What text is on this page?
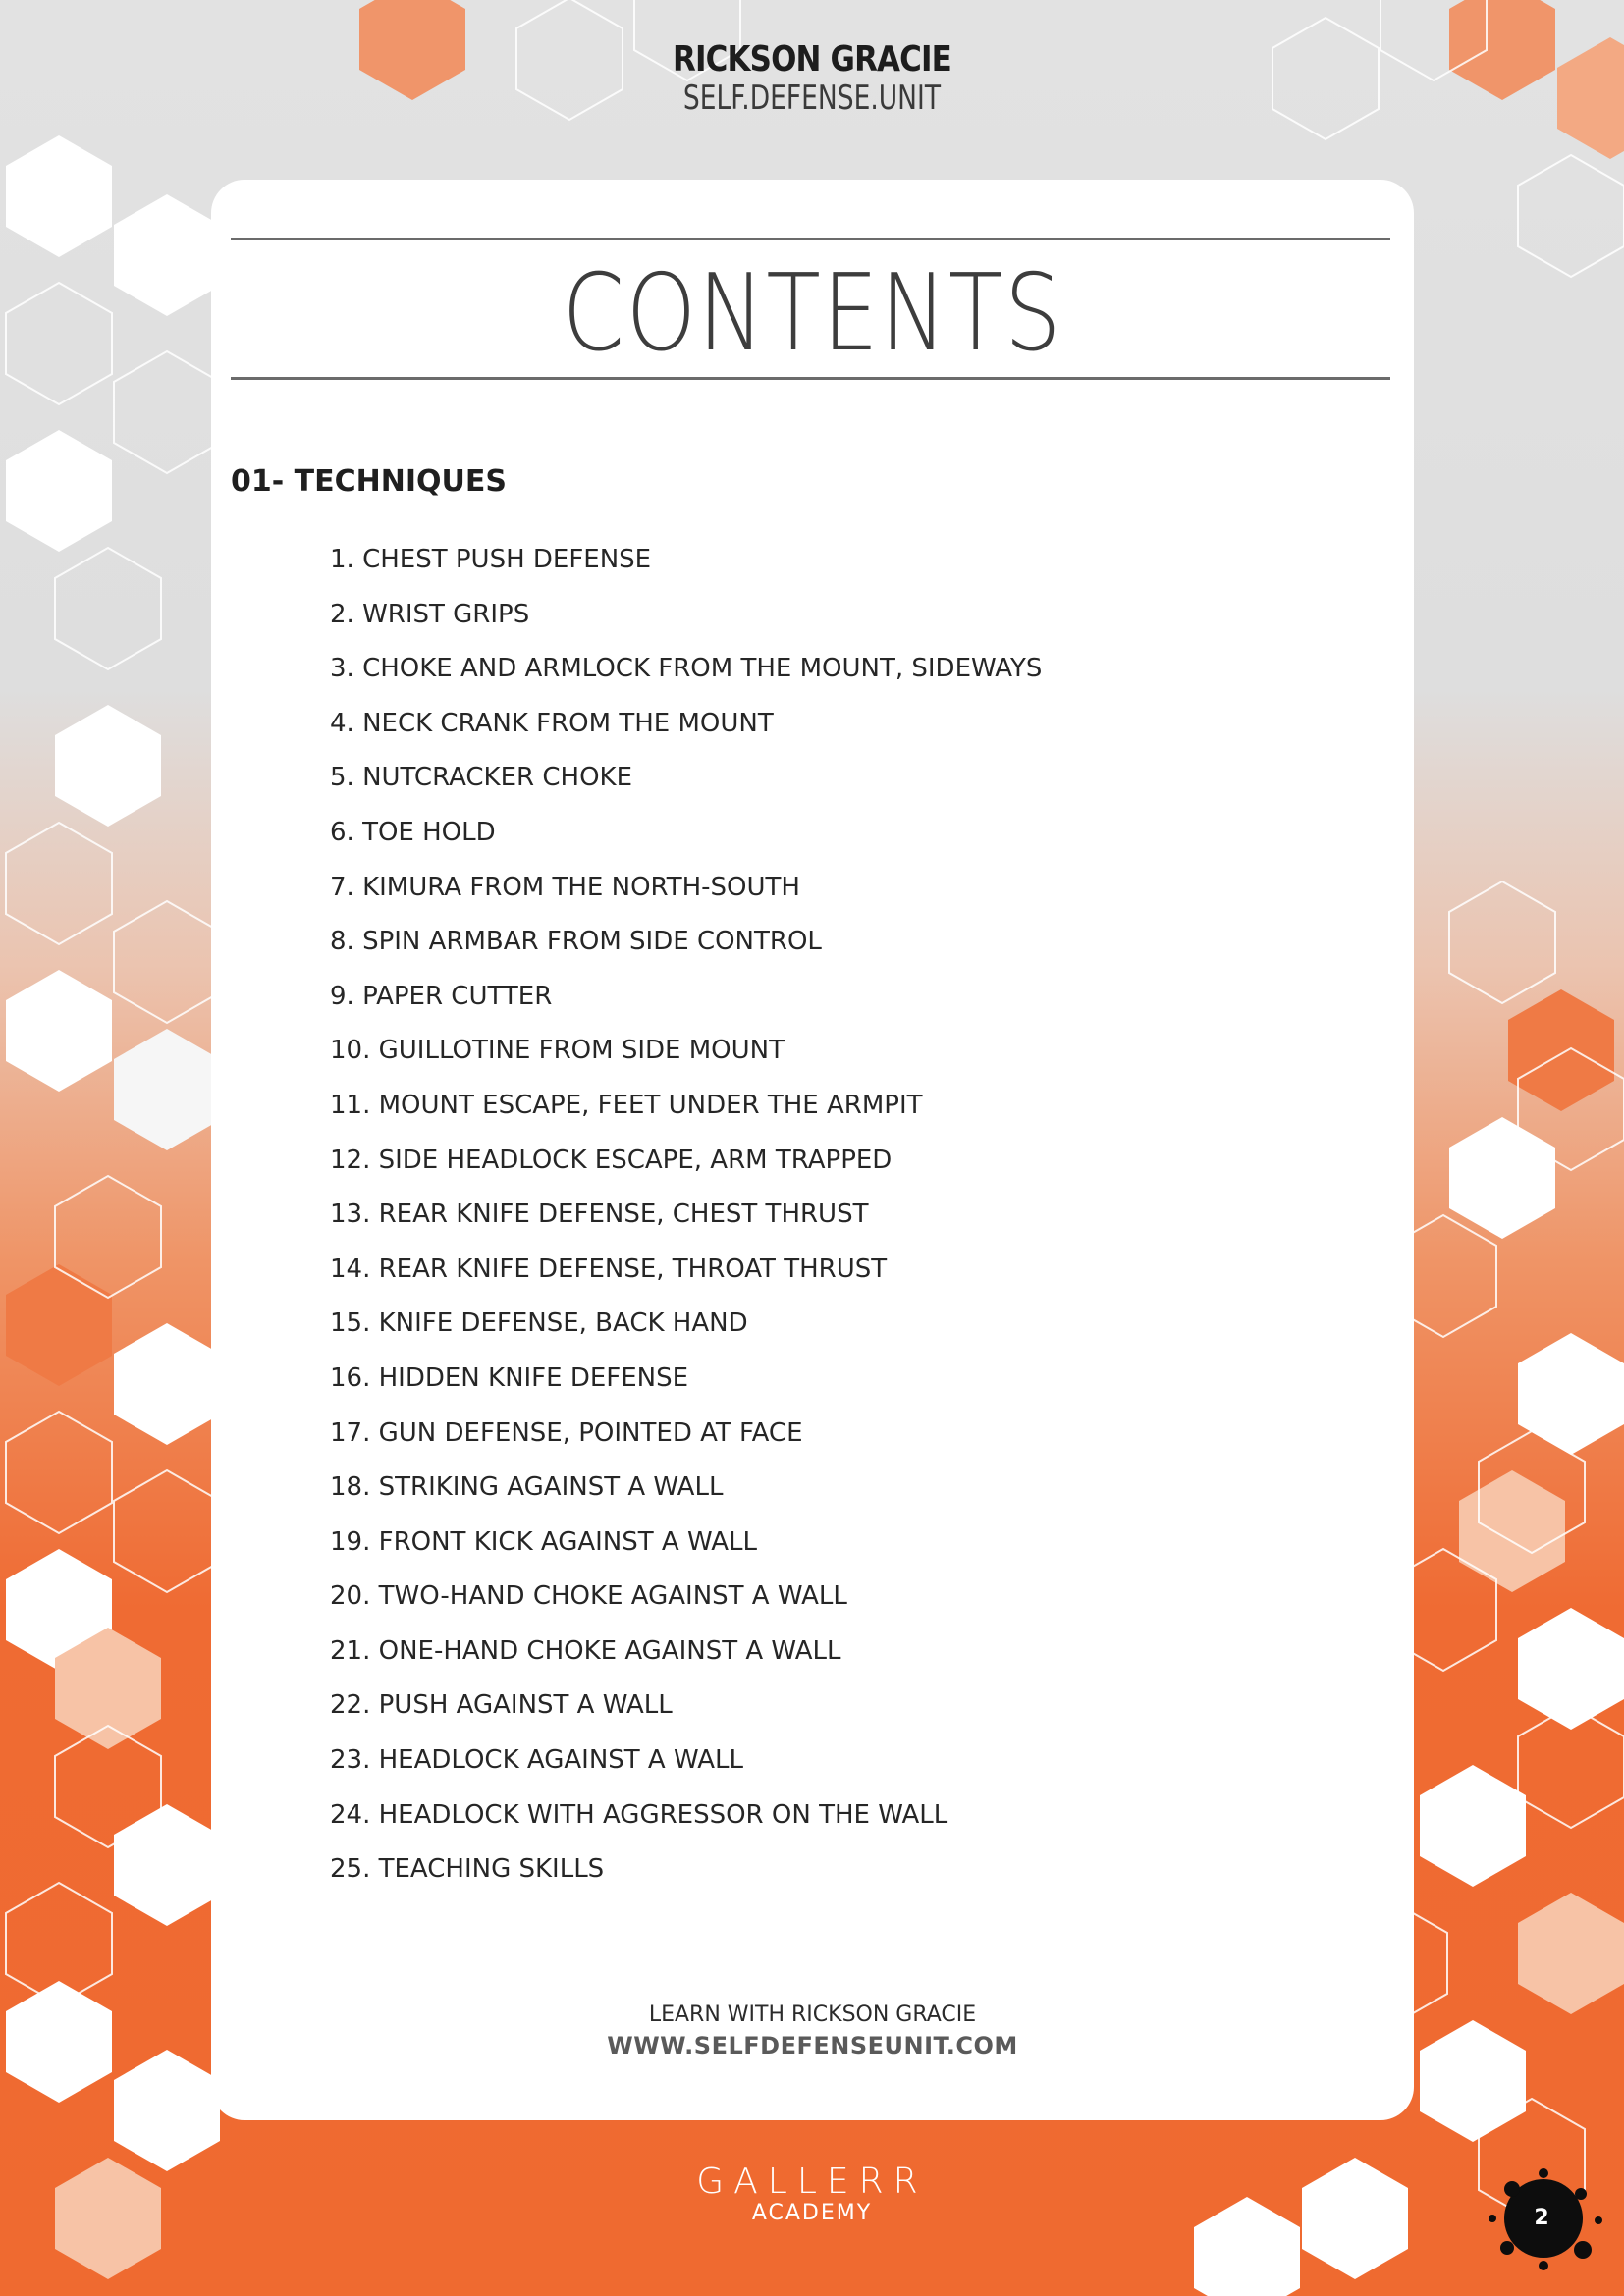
RICKSON GRACIE
SELF.DEFENSE.UNIT
CONTENTS
01- TECHNIQUES
1. CHEST PUSH DEFENSE
2. WRIST GRIPS
3. CHOKE AND ARMLOCK FROM THE MOUNT, SIDEWAYS
4. NECK CRANK FROM THE MOUNT
5. NUTCRACKER CHOKE
6. TOE HOLD
7. KIMURA FROM THE NORTH-SOUTH
8. SPIN ARMBAR FROM SIDE CONTROL
9. PAPER CUTTER
10. GUILLOTINE FROM SIDE MOUNT
11. MOUNT ESCAPE, FEET UNDER THE ARMPIT
12. SIDE HEADLOCK ESCAPE, ARM TRAPPED
13. REAR KNIFE DEFENSE, CHEST THRUST
14. REAR KNIFE DEFENSE, THROAT THRUST
15. KNIFE DEFENSE, BACK HAND
16. HIDDEN KNIFE DEFENSE
17. GUN DEFENSE, POINTED AT FACE
18. STRIKING AGAINST A WALL
19. FRONT KICK AGAINST A WALL
20. TWO-HAND CHOKE AGAINST A WALL
21. ONE-HAND CHOKE AGAINST A WALL
22. PUSH AGAINST A WALL
23. HEADLOCK AGAINST A WALL
24. HEADLOCK WITH AGGRESSOR ON THE WALL
25. TEACHING SKILLS
LEARN WITH RICKSON GRACIE
WWW.SELFDEFENSEUNIT.COM
GALLERR
ACADEMY	2
